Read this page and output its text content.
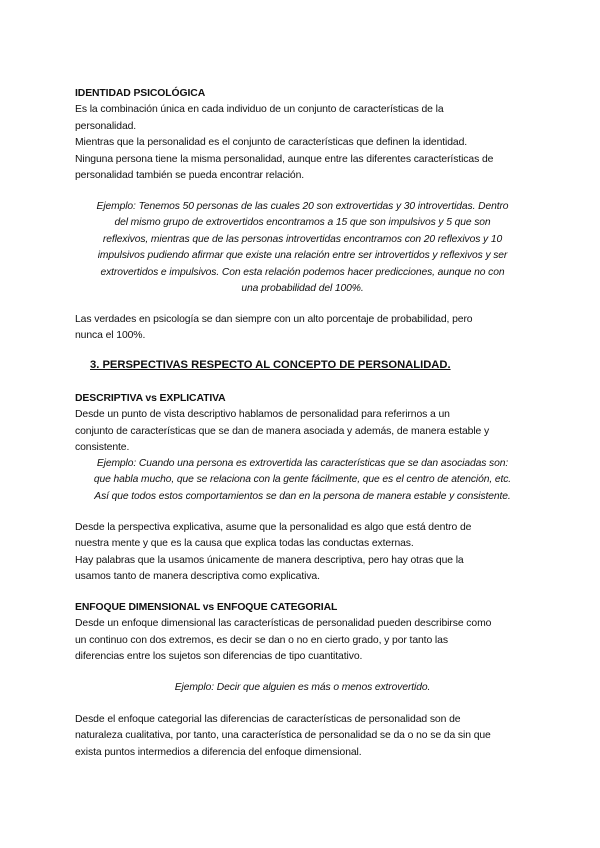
IDENTIDAD PSICOLÓGICA
Es la combinación única en cada individuo de un conjunto de características de la
personalidad.
Mientras que la personalidad es el conjunto de características que definen la identidad.
Ninguna persona tiene la misma personalidad, aunque entre las diferentes características de
personalidad también se pueda encontrar relación.
Ejemplo: Tenemos 50 personas de las cuales 20 son extrovertidas y 30 introvertidas. Dentro
del mismo grupo de extrovertidos encontramos a 15 que son impulsivos y 5 que son
reflexivos, mientras que de las personas introvertidas encontramos con 20 reflexivos y 10
impulsivos pudiendo afirmar que existe una relación entre ser introvertidos y reflexivos y ser
extrovertidos e impulsivos. Con esta relación podemos hacer predicciones, aunque no con
una probabilidad del 100%.
Las verdades en psicología se dan siempre con un alto porcentaje de probabilidad, pero
nunca el 100%.
3. PERSPECTIVAS RESPECTO AL CONCEPTO DE PERSONALIDAD.
DESCRIPTIVA vs EXPLICATIVA
Desde un punto de vista descriptivo hablamos de personalidad para referirnos a un
conjunto de características que se dan de manera asociada y además, de manera estable y
consistente.
Ejemplo: Cuando una persona es extrovertida las características que se dan asociadas son:
que habla mucho, que se relaciona con la gente fácilmente, que es el centro de atención, etc.
Así que todos estos comportamientos se dan en la persona de manera estable y consistente.
Desde la perspectiva explicativa, asume que la personalidad es algo que está dentro de
nuestra mente y que es la causa que explica todas las conductas externas.
Hay palabras que la usamos únicamente de manera descriptiva, pero hay otras que la
usamos tanto de manera descriptiva como explicativa.
ENFOQUE DIMENSIONAL vs ENFOQUE CATEGORIAL
Desde un enfoque dimensional las características de personalidad pueden describirse como
un continuo con dos extremos, es decir se dan o no en cierto grado, y por tanto las
diferencias entre los sujetos son diferencias de tipo cuantitativo.
Ejemplo: Decir que alguien es más o menos extrovertido.
Desde el enfoque categorial las diferencias de características de personalidad son de
naturaleza cualitativa, por tanto, una característica de personalidad se da o no se da sin que
exista puntos intermedios a diferencia del enfoque dimensional.
